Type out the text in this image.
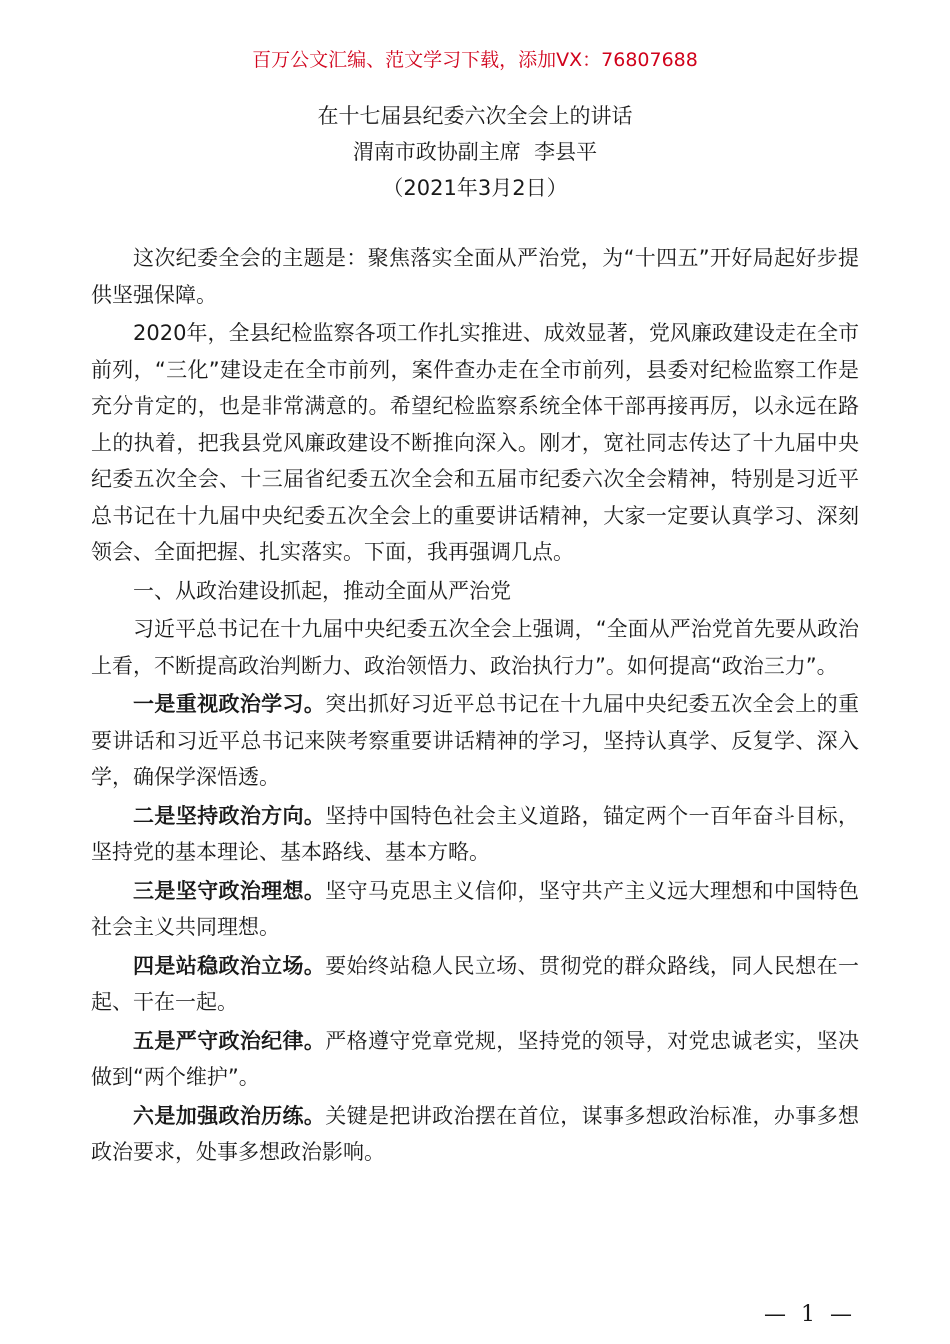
百万公文汇编、范文学习下载，添加VX：76807688
在十七届县纪委六次全会上的讲话
渭南市政协副主席  李县平
（2021年3月2日）

这次纪委全会的主题是：聚焦落实全面从严治党，为“十四五”开好局起好步提供坚强保障。

2020年，全县纪检监察各项工作扎实推进、成效显著，党风廉政建设走在全市前列，“三化”建设走在全市前列，案件查办走在全市前列，县委对纪检监察工作是充分肯定的，也是非常满意的。希望纪检监察系统全体干部再接再厉，以永远在路上的执着，把我县党风廉政建设不断推向深入。刚才，宽社同志传达了十九届中央纪委五次全会、十三届省纪委五次全会和五届市纪委六次全会精神，特别是习近平总书记在十九届中央纪委五次全会上的重要讲话精神，大家一定要认真学习、深刻领会、全面把握、扎实落实。下面，我再强调几点。

一、从政治建设抓起，推动全面从严治党

习近平总书记在十九届中央纪委五次全会上强调，“全面从严治党首先要从政治上看，不断提高政治判断力、政治领悟力、政治执行力”。如何提高“政治三力”。

一是重视政治学习。突出抓好习近平总书记在十九届中央纪委五次全会上的重要讲话和习近平总书记来陕考察重要讲话精神的学习，坚持认真学、反复学、深入学，确保学深悟透。

二是坚持政治方向。坚持中国特色社会主义道路，锚定两个一百年奋斗目标，坚持党的基本理论、基本路线、基本方略。

三是坚守政治理想。坚守马克思主义信仰，坚守共产主义远大理想和中国特色社会主义共同理想。

四是站稳政治立场。要始终站稳人民立场、贯彻党的群众路线，同人民想在一起、干在一起。

五是严守政治纪律。严格遵守党章党规，坚持党的领导，对党忠诚老实，坚决做到“两个维护”。

六是加强政治历练。关键是把讲政治摆在首位，谋事多想政治标准，办事多想政治要求，处事多想政治影响。

— 1 —
